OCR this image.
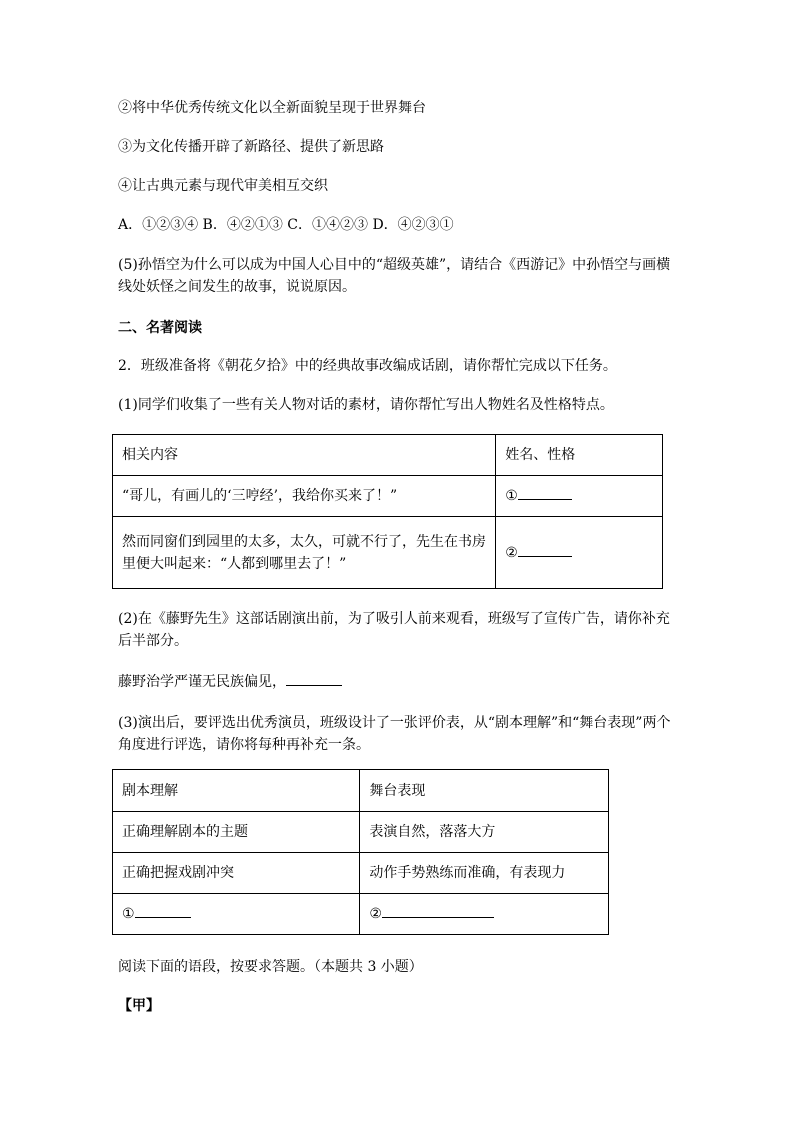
②将中华优秀传统文化以全新面貌呈现于世界舞台
③为文化传播开辟了新路径、提供了新思路
④让古典元素与现代审美相互交织
A．①②③④ B．④②①③ C．①④②③ D．④②③①
(5)孙悟空为什么可以成为中国人心目中的“超级英雄”，请结合《西游记》中孙悟空与画横线处妖怪之间发生的故事，说说原因。
二、名著阅读
2．班级准备将《朝花夕拾》中的经典故事改编成话剧，请你帮忙完成以下任务。
(1)同学们收集了一些有关人物对话的素材，请你帮忙写出人物姓名及性格特点。
相关内容	姓名、性格
“哥儿，有画儿的‘三哼经’，我给你买来了！”	①
然而同窗们到园里的太多，太久，可就不行了，先生在书房里便大叫起来：“人都到哪里去了！”	②
(2)在《藤野先生》这部话剧演出前，为了吸引人前来观看，班级写了宣传广告，请你补充后半部分。
藤野治学严谨无民族偏见，
(3)演出后，要评选出优秀演员，班级设计了一张评价表，从“剧本理解”和“舞台表现”两个角度进行评选，请你将每种再补充一条。
剧本理解	舞台表现
正确理解剧本的主题	表演自然，落落大方
正确把握戏剧冲突	动作手势熟练而准确，有表现力
①	②
阅读下面的语段，按要求答题。（本题共 3 小题）
【甲】
